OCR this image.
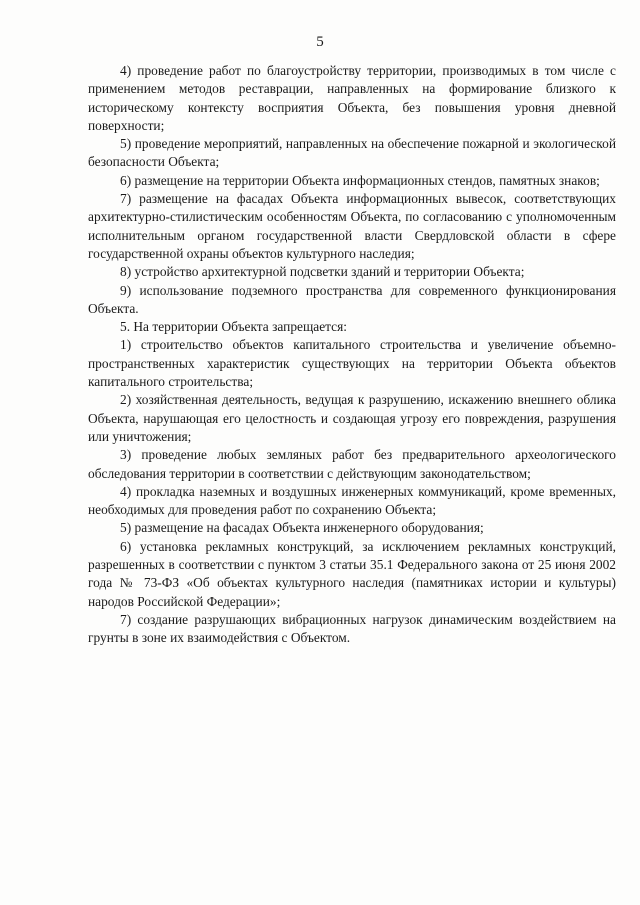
5

4) проведение работ по благоустройству территории, производимых в том числе с применением методов реставрации, направленных на формирование близкого к историческому контексту восприятия Объекта, без повышения уровня дневной поверхности;

5) проведение мероприятий, направленных на обеспечение пожарной и экологической безопасности Объекта;

6) размещение на территории Объекта информационных стендов, памятных знаков;

7) размещение на фасадах Объекта информационных вывесок, соответствующих архитектурно-стилистическим особенностям Объекта, по согласованию с уполномоченным исполнительным органом государственной власти Свердловской области в сфере государственной охраны объектов культурного наследия;

8) устройство архитектурной подсветки зданий и территории Объекта;

9) использование подземного пространства для современного функционирования Объекта.

5. На территории Объекта запрещается:

1) строительство объектов капитального строительства и увеличение объемно-пространственных характеристик существующих на территории Объекта объектов капитального строительства;

2) хозяйственная деятельность, ведущая к разрушению, искажению внешнего облика Объекта, нарушающая его целостность и создающая угрозу его повреждения, разрушения или уничтожения;

3) проведение любых земляных работ без предварительного археологического обследования территории в соответствии с действующим законодательством;

4) прокладка наземных и воздушных инженерных коммуникаций, кроме временных, необходимых для проведения работ по сохранению Объекта;

5) размещение на фасадах Объекта инженерного оборудования;

6) установка рекламных конструкций, за исключением рекламных конструкций, разрешенных в соответствии с пунктом 3 статьи 35.1 Федерального закона от 25 июня 2002 года № 73-ФЗ «Об объектах культурного наследия (памятниках истории и культуры) народов Российской Федерации»;

7) создание разрушающих вибрационных нагрузок динамическим воздействием на грунты в зоне их взаимодействия с Объектом.
